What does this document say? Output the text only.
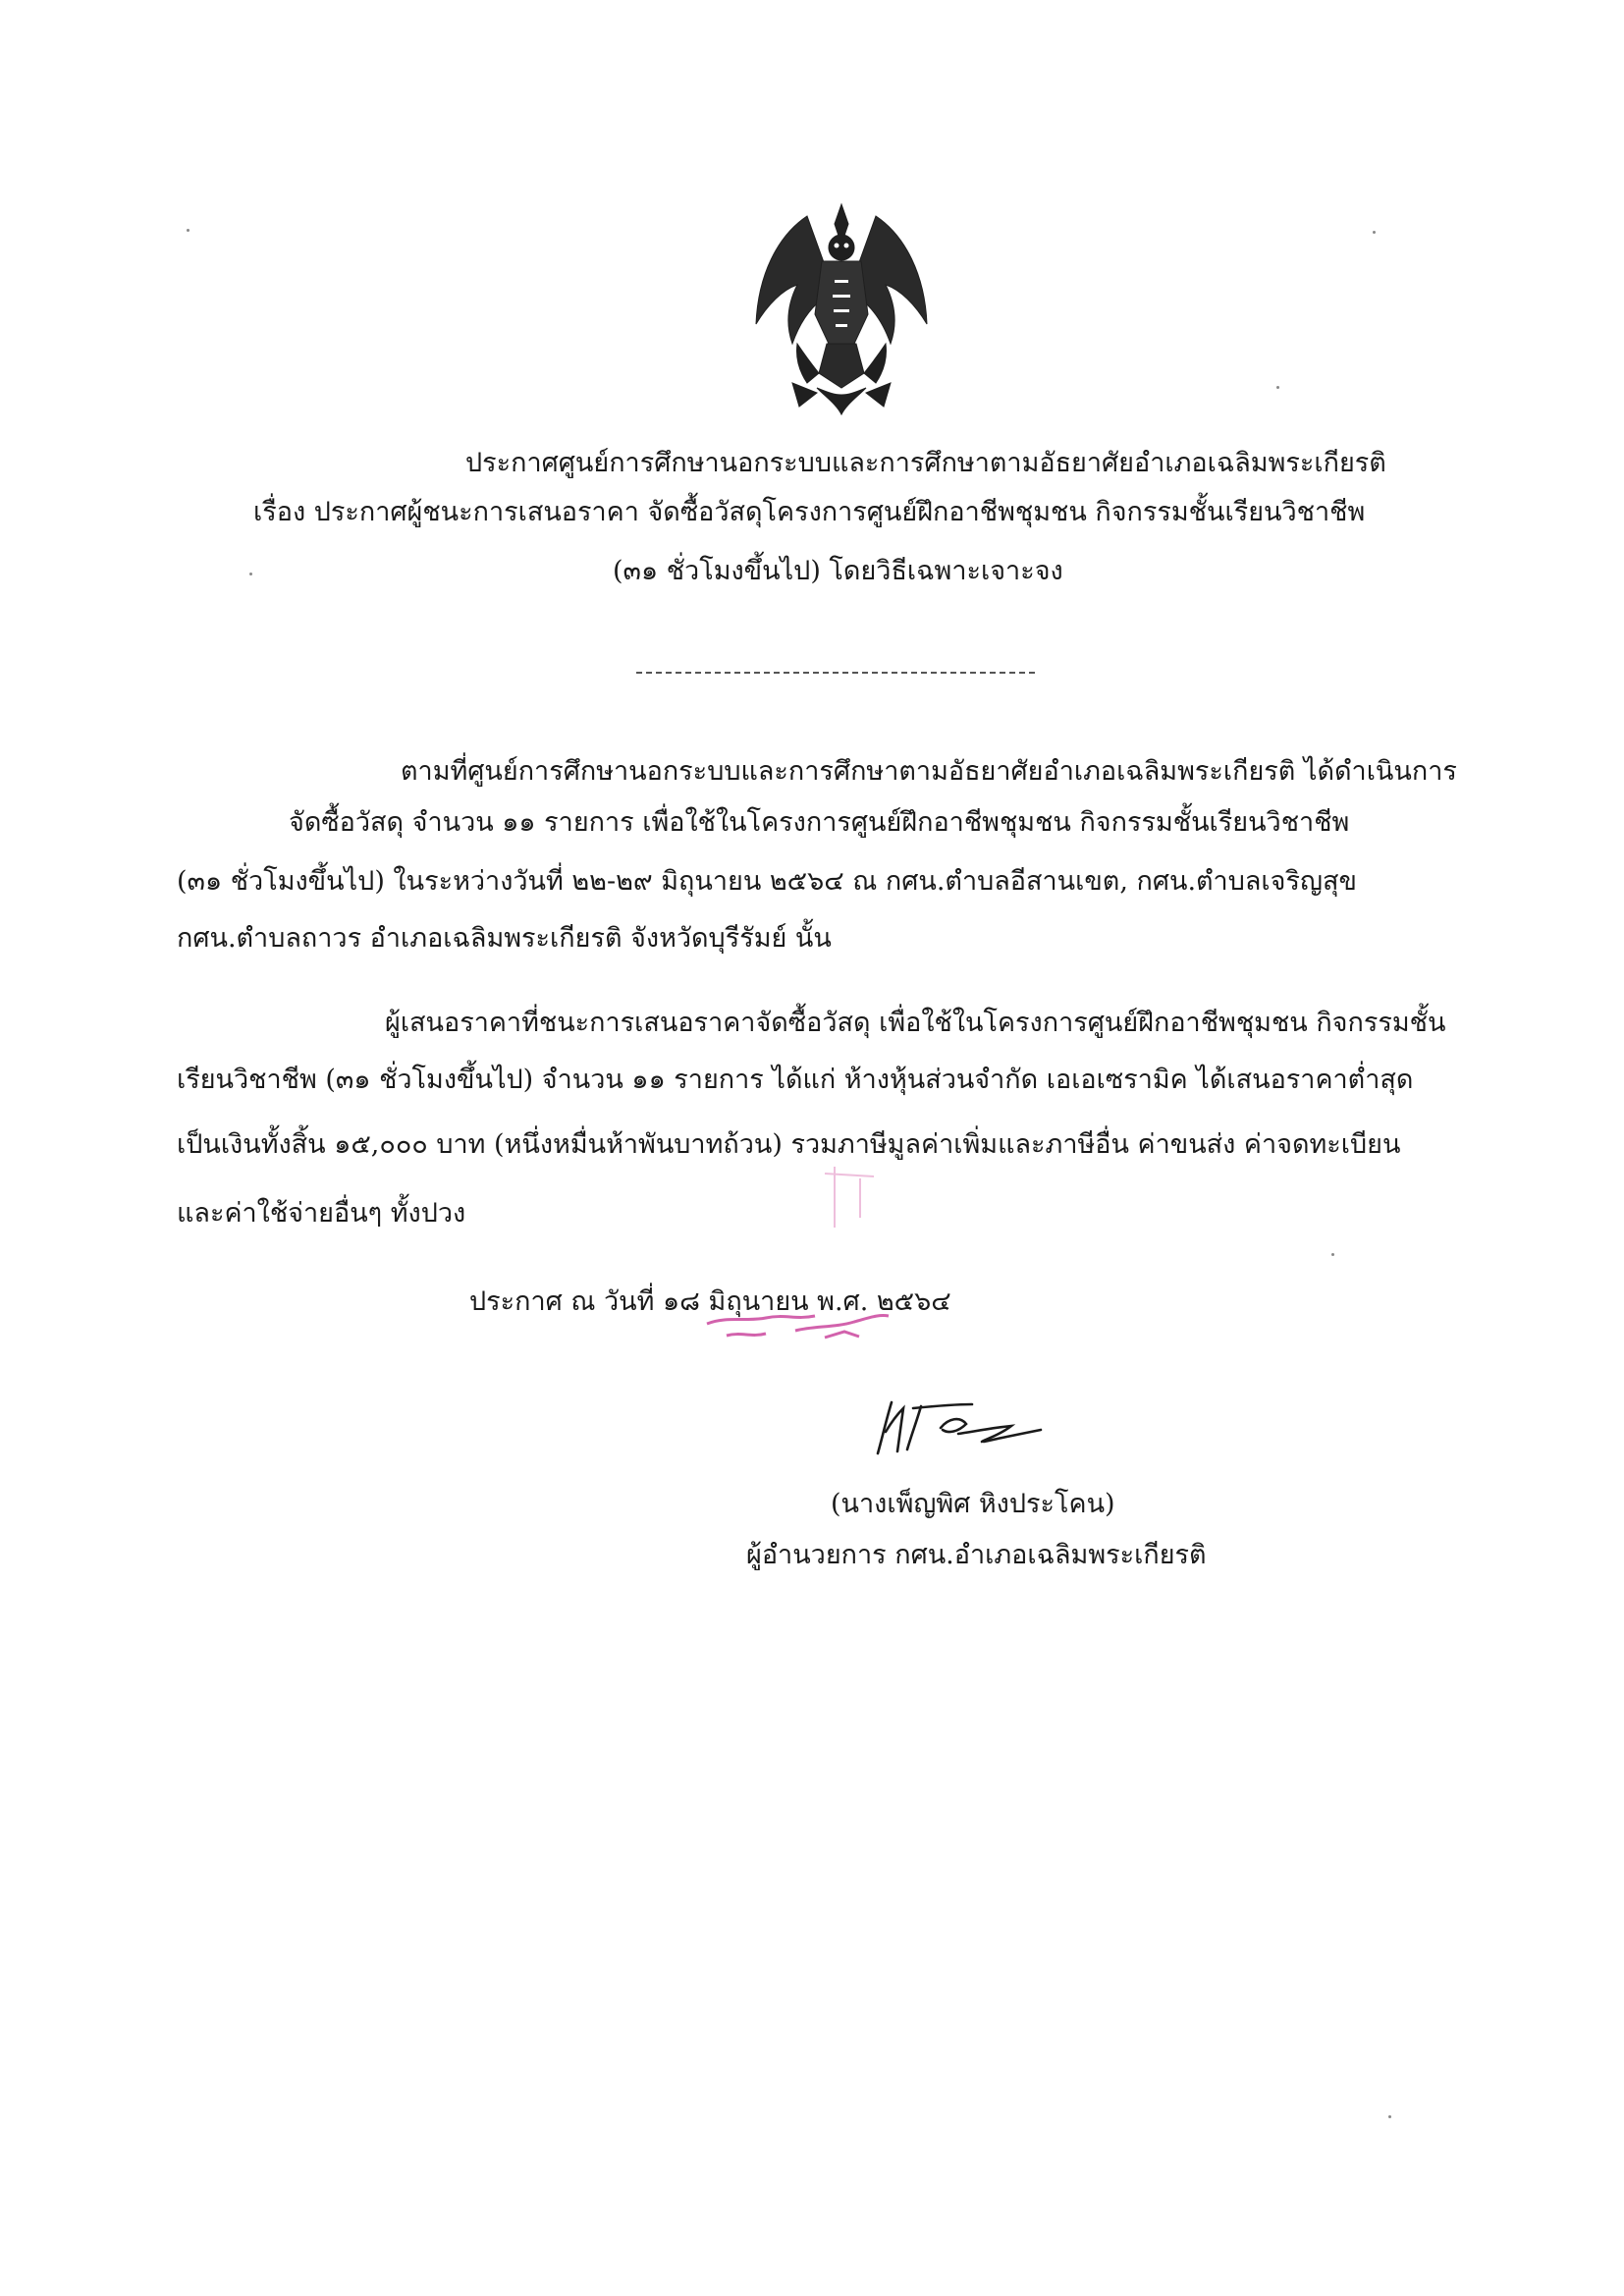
ประกาศศูนย์การศึกษานอกระบบและการศึกษาตามอัธยาศัยอำเภอเฉลิมพระเกียรติ
เรื่อง ประกาศผู้ชนะการเสนอราคา จัดซื้อวัสดุโครงการศูนย์ฝึกอาชีพชุมชน กิจกรรมชั้นเรียนวิชาชีพ
(๓๑ ชั่วโมงขึ้นไป) โดยวิธีเฉพาะเจาะจง
ตามที่ศูนย์การศึกษานอกระบบและการศึกษาตามอัธยาศัยอำเภอเฉลิมพระเกียรติ ได้ดำเนินการ
จัดซื้อวัสดุ จำนวน ๑๑ รายการ เพื่อใช้ในโครงการศูนย์ฝึกอาชีพชุมชน กิจกรรมชั้นเรียนวิชาชีพ
(๓๑ ชั่วโมงขึ้นไป) ในระหว่างวันที่ ๒๒-๒๙ มิถุนายน ๒๕๖๔ ณ กศน.ตำบลอีสานเขต, กศน.ตำบลเจริญสุข
กศน.ตำบลถาวร อำเภอเฉลิมพระเกียรติ จังหวัดบุรีรัมย์ นั้น
ผู้เสนอราคาที่ชนะการเสนอราคาจัดซื้อวัสดุ เพื่อใช้ในโครงการศูนย์ฝึกอาชีพชุมชน กิจกรรมชั้น
เรียนวิชาชีพ (๓๑ ชั่วโมงขึ้นไป) จำนวน ๑๑ รายการ ได้แก่ ห้างหุ้นส่วนจำกัด เอเอเซรามิค ได้เสนอราคาต่ำสุด
เป็นเงินทั้งสิ้น ๑๕,๐๐๐ บาท (หนึ่งหมื่นห้าพันบาทถ้วน) รวมภาษีมูลค่าเพิ่มและภาษีอื่น ค่าขนส่ง ค่าจดทะเบียน
และค่าใช้จ่ายอื่นๆ ทั้งปวง
ประกาศ ณ วันที่ ๑๘ มิถุนายน พ.ศ. ๒๕๖๔
(นางเพ็ญพิศ หิงประโคน)
ผู้อำนวยการ กศน.อำเภอเฉลิมพระเกียรติ
